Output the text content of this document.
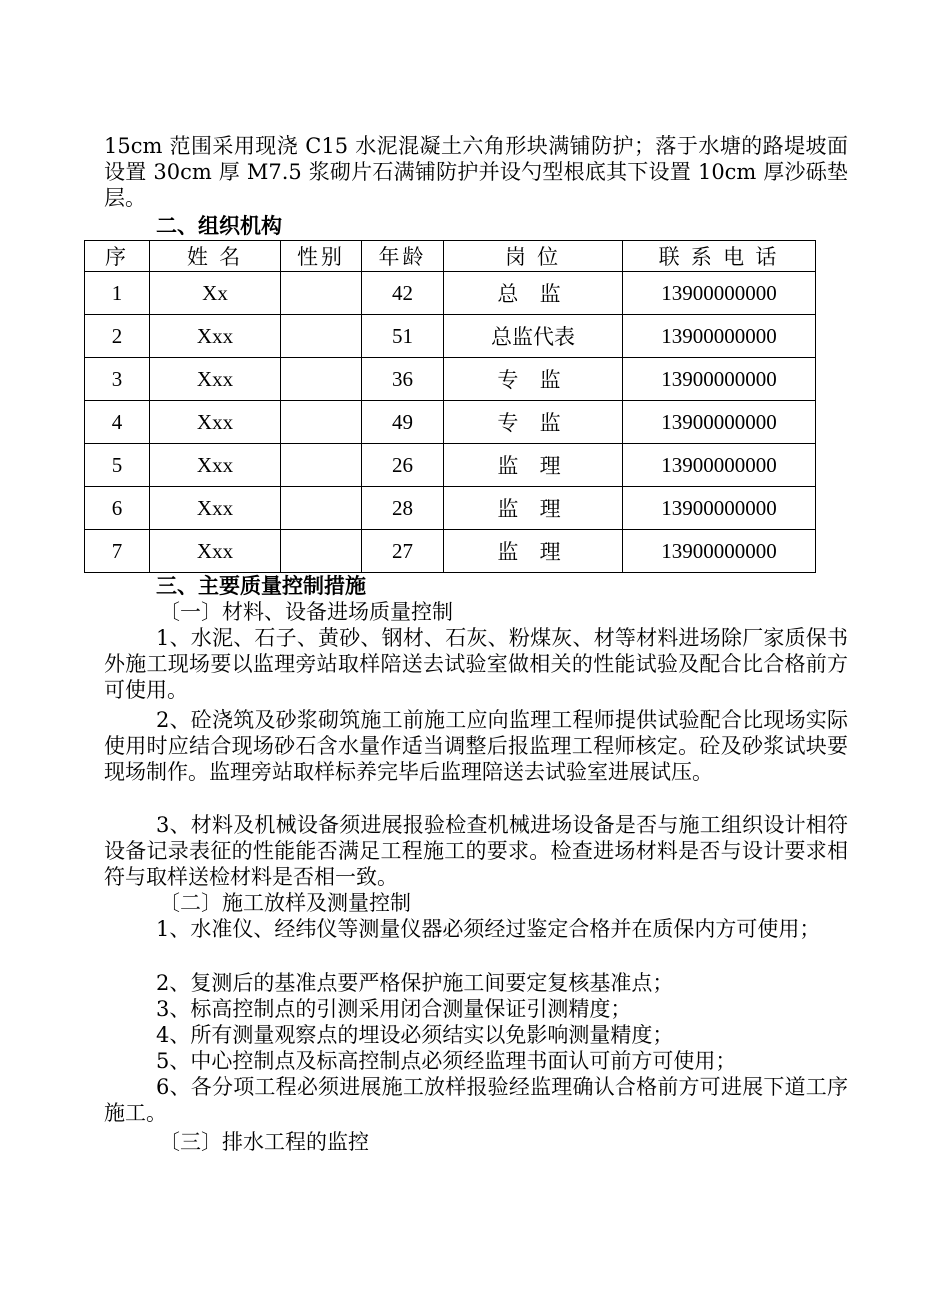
15cm 范围采用现浇 C15 水泥混凝土六角形块满铺防护；落于水塘的路堤坡面设置 30cm 厚 M7.5 浆砌片石满铺防护并设勺型根底其下设置 10cm 厚沙砾垫层。

二、组织机构

序	姓 名	性别	年龄	岗 位	联 系 电 话
1	Xx		42	总 监	13900000000
2	Xxx		51	总监代表	13900000000
3	Xxx		36	专 监	13900000000
4	Xxx		49	专 监	13900000000
5	Xxx		26	监 理	13900000000
6	Xxx		28	监 理	13900000000
7	Xxx		27	监 理	13900000000

三、主要质量控制措施

〔一〕材料、设备进场质量控制

1、水泥、石子、黄砂、钢材、石灰、粉煤灰、材等材料进场除厂家质保书外施工现场要以监理旁站取样陪送去试验室做相关的性能试验及配合比合格前方可使用。

2、砼浇筑及砂浆砌筑施工前施工应向监理工程师提供试验配合比现场实际使用时应结合现场砂石含水量作适当调整后报监理工程师核定。砼及砂浆试块要现场制作。监理旁站取样标养完毕后监理陪送去试验室进展试压。

3、材料及机械设备须进展报验检查机械进场设备是否与施工组织设计相符设备记录表征的性能能否满足工程施工的要求。检查进场材料是否与设计要求相符与取样送检材料是否相一致。

〔二〕施工放样及测量控制

1、水准仪、经纬仪等测量仪器必须经过鉴定合格并在质保内方可使用；

2、复测后的基准点要严格保护施工间要定复核基准点；

3、标高控制点的引测采用闭合测量保证引测精度；

4、所有测量观察点的埋设必须结实以免影响测量精度；

5、中心控制点及标高控制点必须经监理书面认可前方可使用；

6、各分项工程必须进展施工放样报验经监理确认合格前方可进展下道工序施工。

〔三〕排水工程的监控
